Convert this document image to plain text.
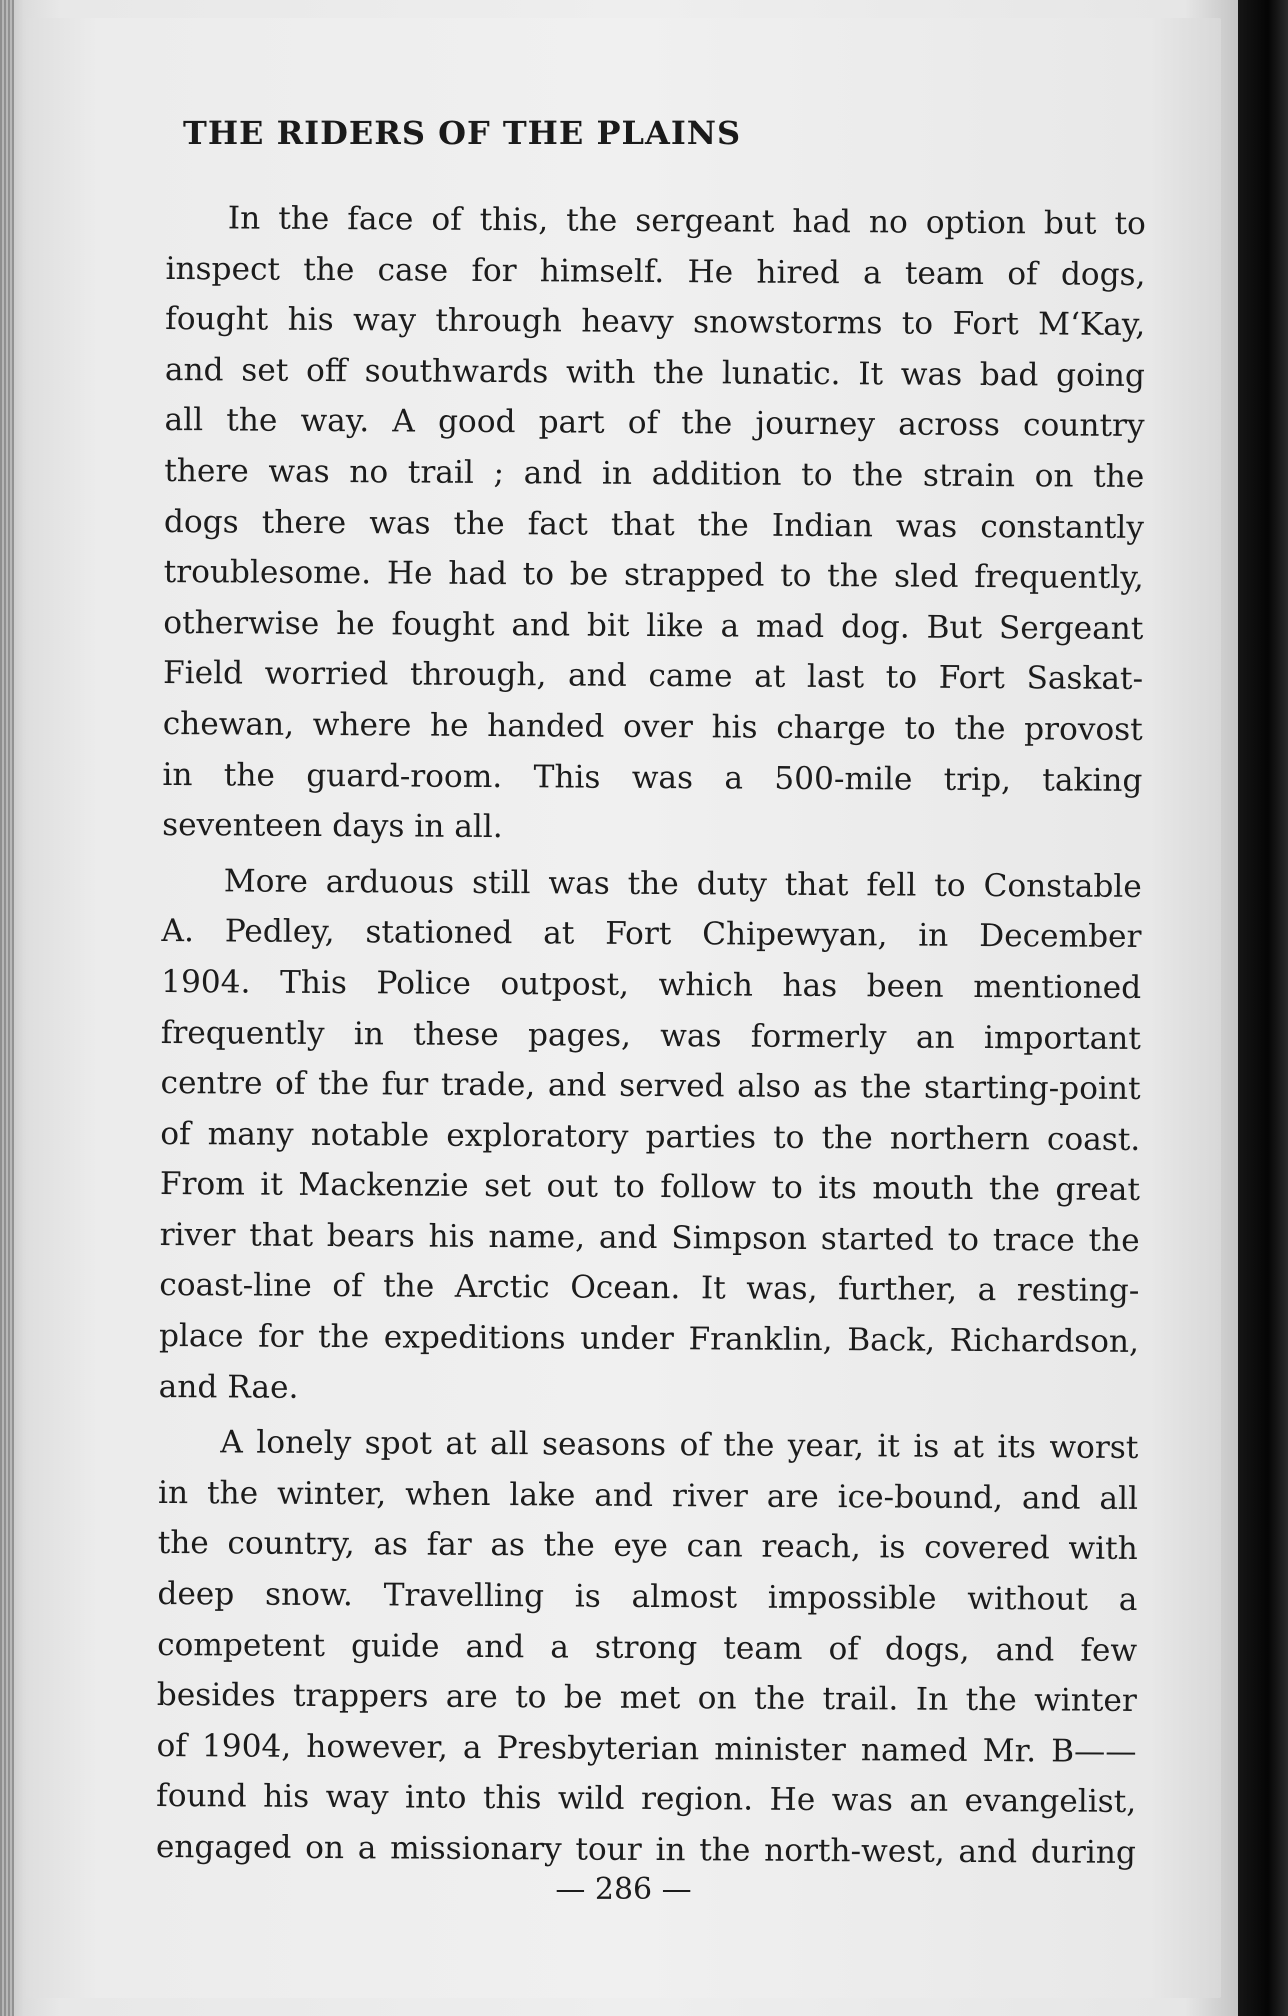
THE RIDERS OF THE PLAINS
In the face of this, the sergeant had no option but to
inspect the case for himself. He hired a team of dogs,
fought his way through heavy snowstorms to Fort M‘Kay,
and set off southwards with the lunatic. It was bad going
all the way. A good part of the journey across country
there was no trail ; and in addition to the strain on the
dogs there was the fact that the Indian was constantly
troublesome. He had to be strapped to the sled frequently,
otherwise he fought and bit like a mad dog. But Sergeant
Field worried through, and came at last to Fort Saskat-
chewan, where he handed over his charge to the provost
in the guard-room. This was a 500-mile trip, taking
seventeen days in all.
More arduous still was the duty that fell to Constable
A. Pedley, stationed at Fort Chipewyan, in December
1904. This Police outpost, which has been mentioned
frequently in these pages, was formerly an important
centre of the fur trade, and served also as the starting-point
of many notable exploratory parties to the northern coast.
From it Mackenzie set out to follow to its mouth the great
river that bears his name, and Simpson started to trace the
coast-line of the Arctic Ocean. It was, further, a resting-
place for the expeditions under Franklin, Back, Richardson,
and Rae.
A lonely spot at all seasons of the year, it is at its worst
in the winter, when lake and river are ice-bound, and all
the country, as far as the eye can reach, is covered with
deep snow. Travelling is almost impossible without a
competent guide and a strong team of dogs, and few
besides trappers are to be met on the trail. In the winter
of 1904, however, a Presbyterian minister named Mr. B——
found his way into this wild region. He was an evangelist,
engaged on a missionary tour in the north-west, and during
— 286 —
